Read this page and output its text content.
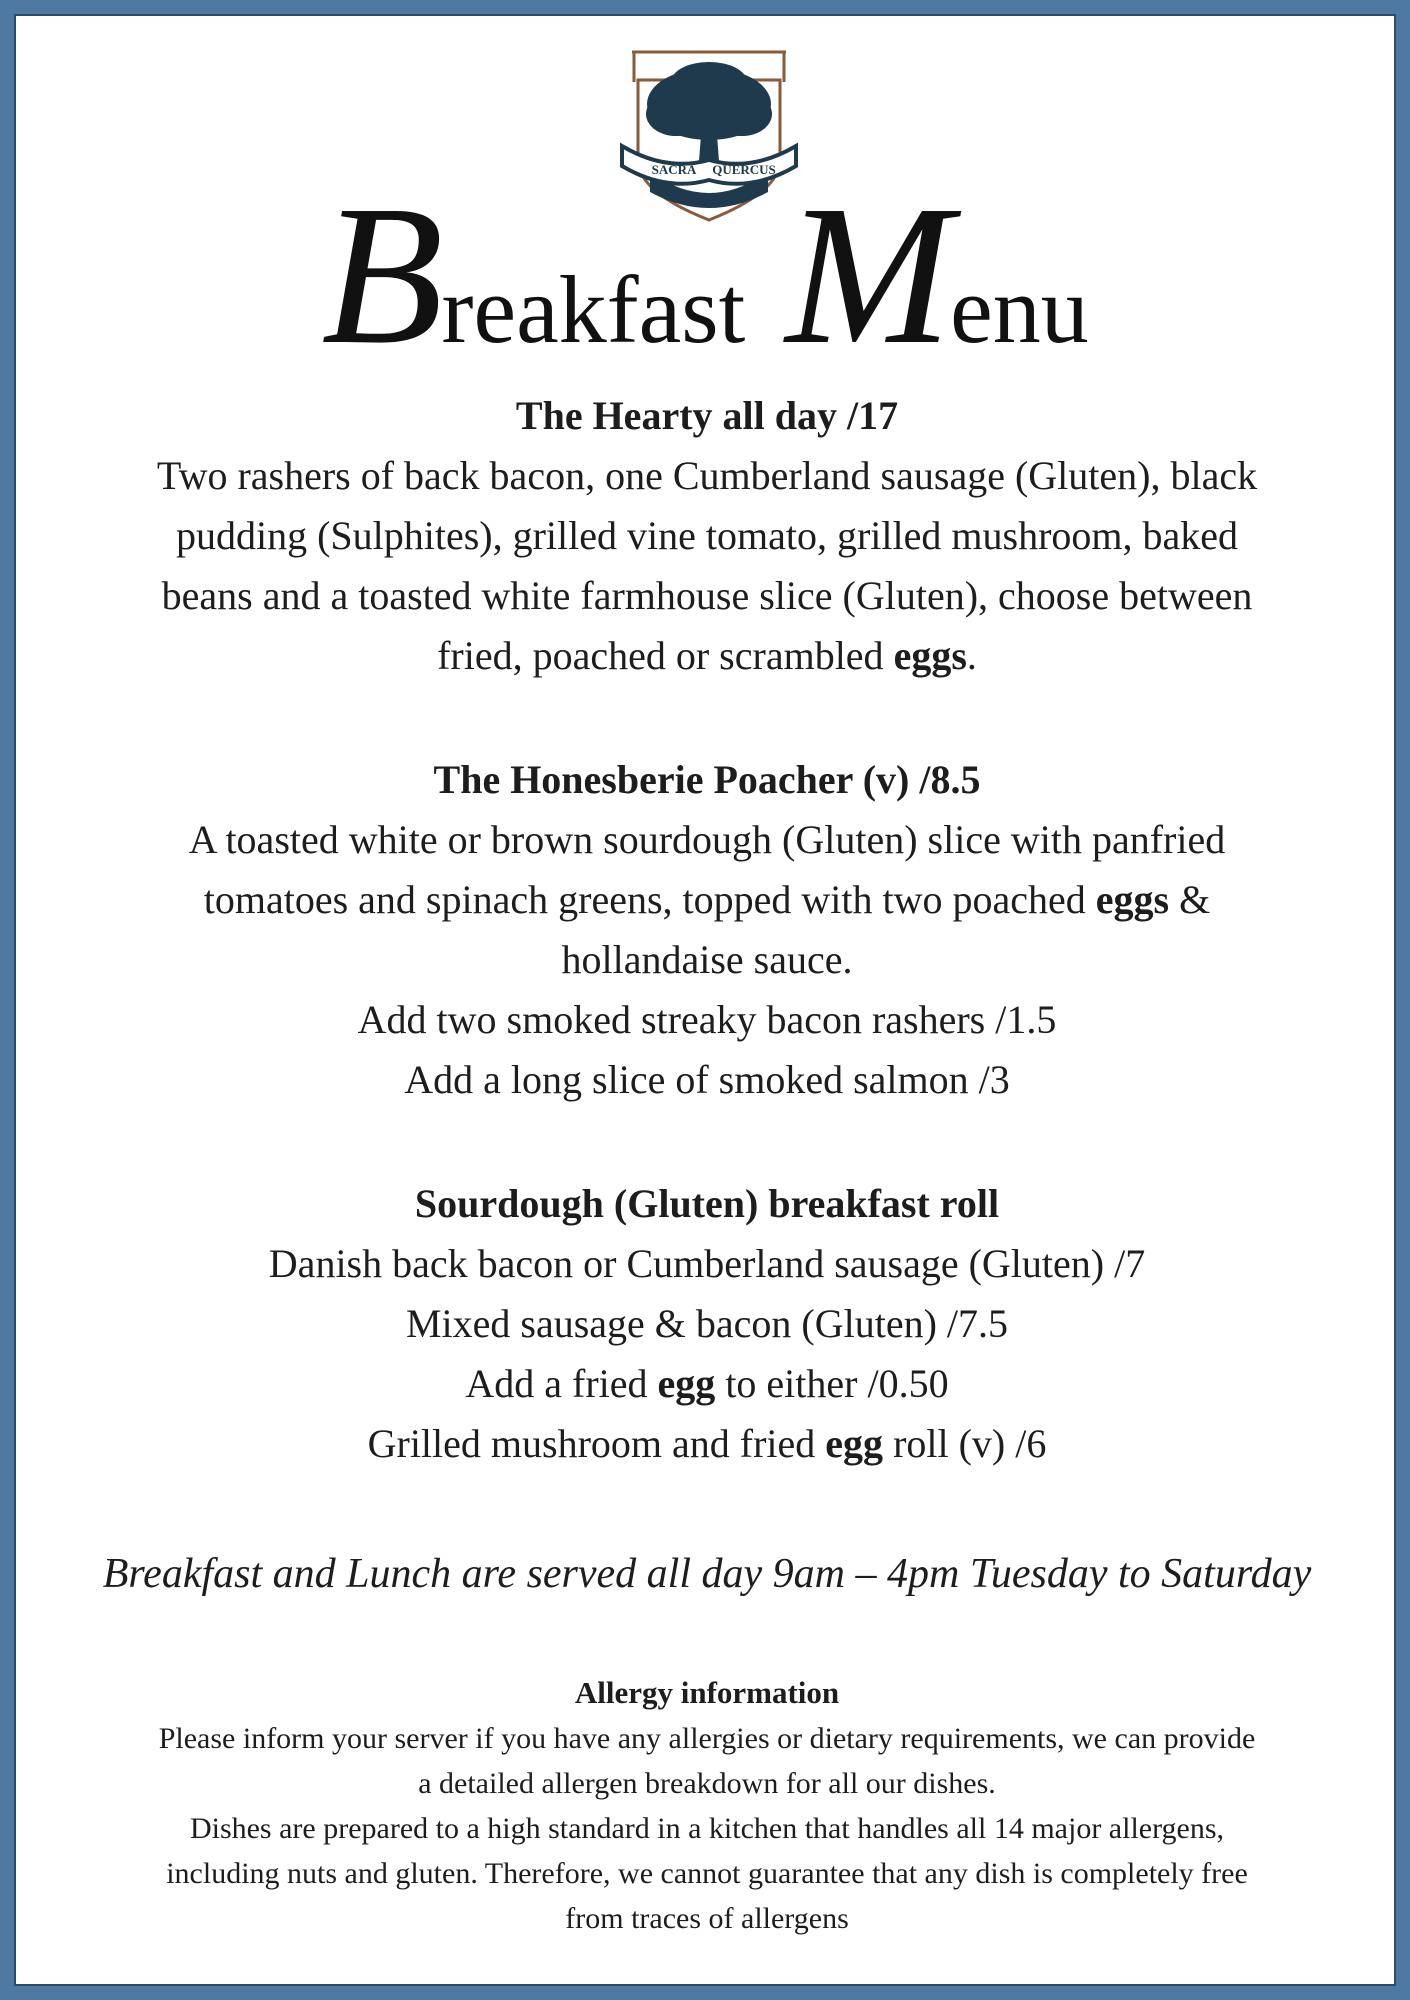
SACRA QUERCUS
Breakfast Menu
The Hearty all day /17
Two rashers of back bacon, one Cumberland sausage (Gluten), black
pudding (Sulphites), grilled vine tomato, grilled mushroom, baked
beans and a toasted white farmhouse slice (Gluten), choose between
fried, poached or scrambled eggs.
The Honesberie Poacher (v) /8.5
A toasted white or brown sourdough (Gluten) slice with panfried
tomatoes and spinach greens, topped with two poached eggs &
hollandaise sauce.
Add two smoked streaky bacon rashers /1.5
Add a long slice of smoked salmon /3
Sourdough (Gluten) breakfast roll
Danish back bacon or Cumberland sausage (Gluten) /7
Mixed sausage & bacon (Gluten) /7.5
Add a fried egg to either /0.50
Grilled mushroom and fried egg roll (v) /6
Breakfast and Lunch are served all day 9am – 4pm Tuesday to Saturday
Allergy information
Please inform your server if you have any allergies or dietary requirements, we can provide
a detailed allergen breakdown for all our dishes.
Dishes are prepared to a high standard in a kitchen that handles all 14 major allergens,
including nuts and gluten. Therefore, we cannot guarantee that any dish is completely free
from traces of allergens
